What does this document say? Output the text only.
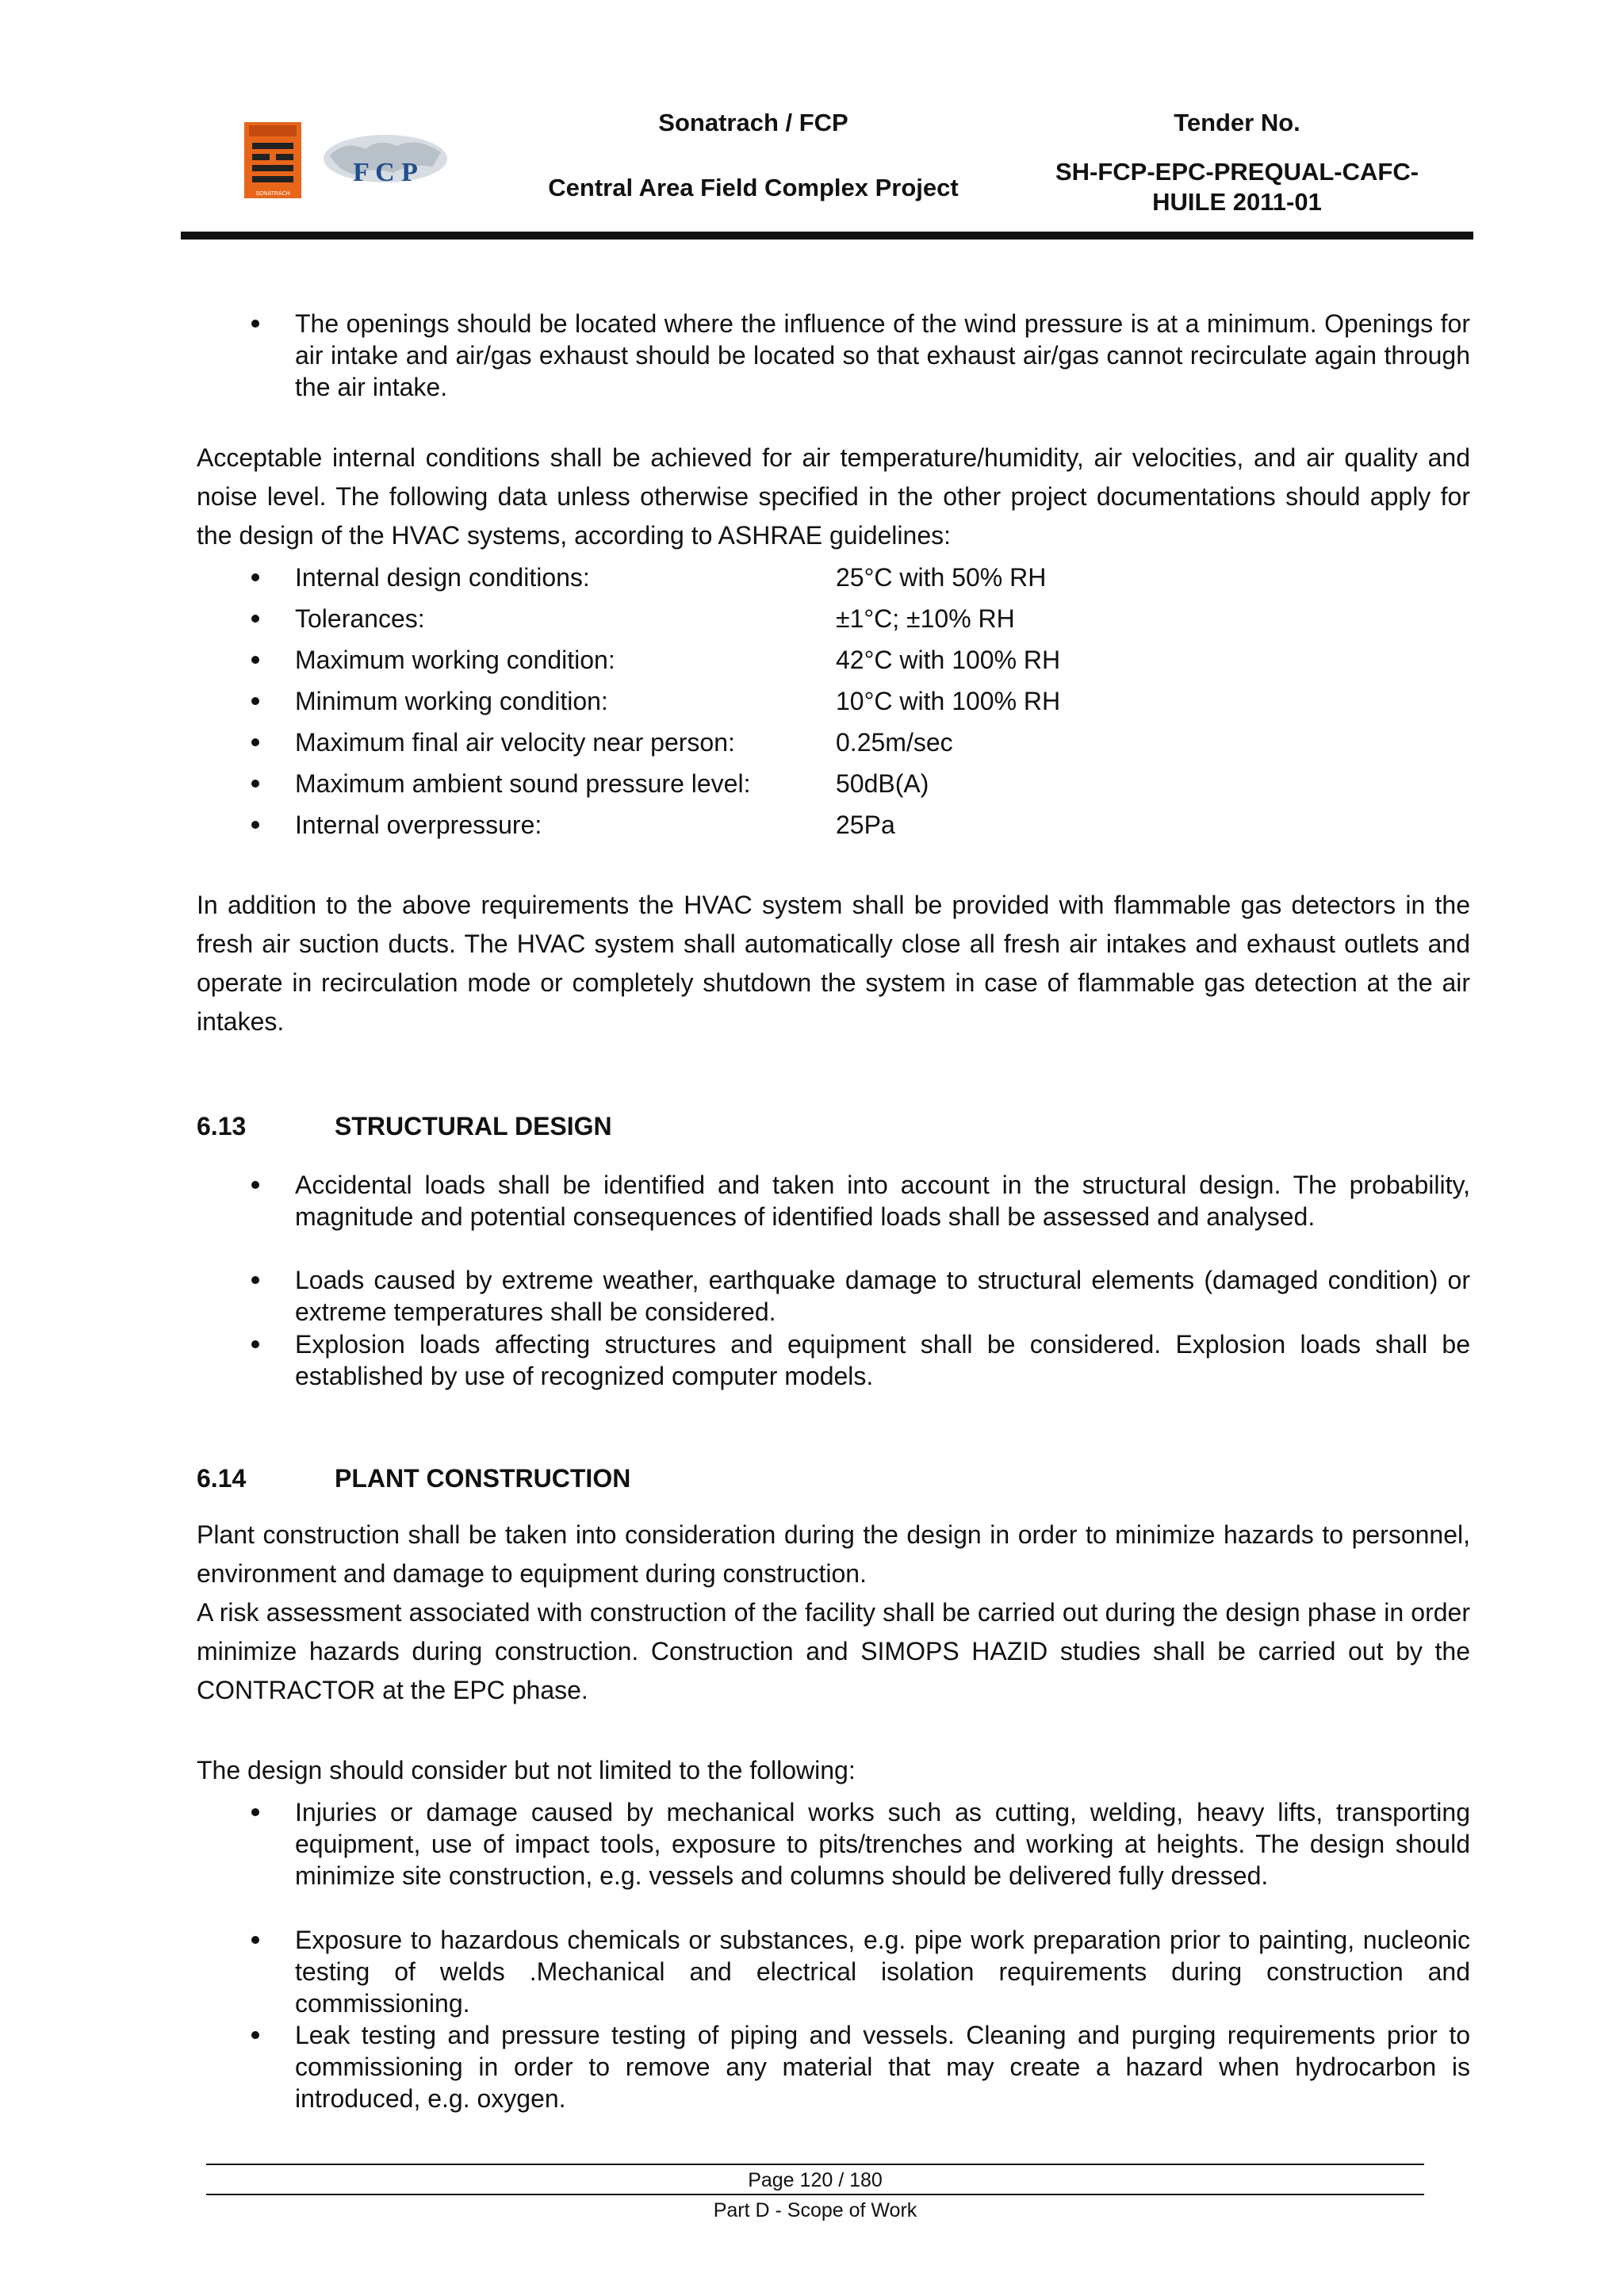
SONATRACH
F C P
Sonatrach / FCP
Central Area Field Complex Project
Tender No.
SH-FCP-EPC-PREQUAL-CAFC-HUILE 2011-01
The openings should be located where the influence of the wind pressure is at a minimum. Openings for air intake and air/gas exhaust should be located so that exhaust air/gas cannot recirculate again through the air intake.
Acceptable internal conditions shall be achieved for air temperature/humidity, air velocities, and air quality and noise level. The following data unless otherwise specified in the other project documentations should apply for the design of the HVAC systems, according to ASHRAE guidelines:
Internal design conditions:	25°C with 50% RH
Tolerances:	±1°C; ±10% RH
Maximum working condition:	42°C with 100% RH
Minimum working condition:	10°C with 100% RH
Maximum final air velocity near person:	0.25m/sec
Maximum ambient sound pressure level:	50dB(A)
Internal overpressure:	25Pa
In addition to the above requirements the HVAC system shall be provided with flammable gas detectors in the fresh air suction ducts. The HVAC system shall automatically close all fresh air intakes and exhaust outlets and operate in recirculation mode or completely shutdown the system in case of flammable gas detection at the air intakes.
6.13	STRUCTURAL DESIGN
Accidental loads shall be identified and taken into account in the structural design. The probability, magnitude and potential consequences of identified loads shall be assessed and analysed.
Loads caused by extreme weather, earthquake damage to structural elements (damaged condition) or extreme temperatures shall be considered.
Explosion loads affecting structures and equipment shall be considered. Explosion loads shall be established by use of recognized computer models.
6.14	PLANT CONSTRUCTION
Plant construction shall be taken into consideration during the design in order to minimize hazards to personnel, environment and damage to equipment during construction.
A risk assessment associated with construction of the facility shall be carried out during the design phase in order minimize hazards during construction. Construction and SIMOPS HAZID studies shall be carried out by the CONTRACTOR at the EPC phase.
The design should consider but not limited to the following:
Injuries or damage caused by mechanical works such as cutting, welding, heavy lifts, transporting equipment, use of impact tools, exposure to pits/trenches and working at heights. The design should minimize site construction, e.g. vessels and columns should be delivered fully dressed.
Exposure to hazardous chemicals or substances, e.g. pipe work preparation prior to painting, nucleonic testing of welds .Mechanical and electrical isolation requirements during construction and commissioning.
Leak testing and pressure testing of piping and vessels. Cleaning and purging requirements prior to commissioning in order to remove any material that may create a hazard when hydrocarbon is introduced, e.g. oxygen.
Page 120 / 180
Part D - Scope of Work
